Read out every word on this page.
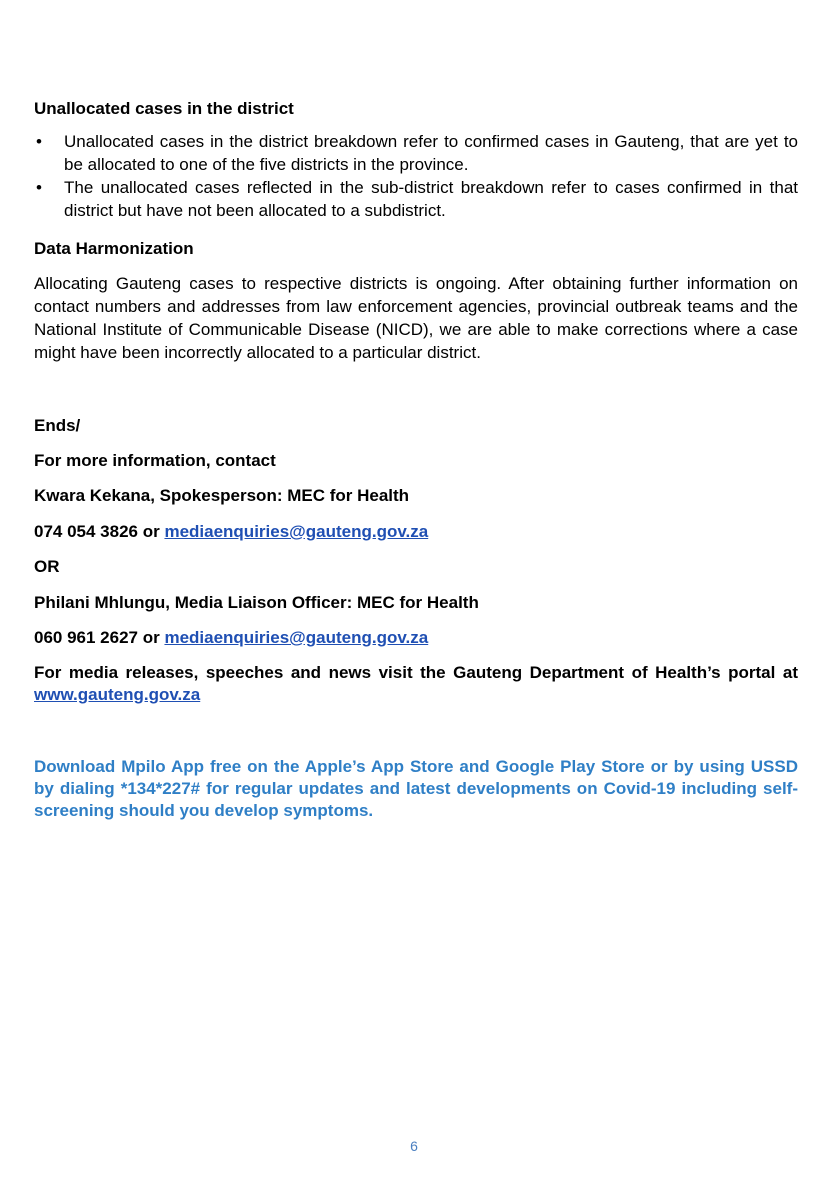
Unallocated cases in the district

• Unallocated cases in the district breakdown refer to confirmed cases in Gauteng, that are yet to be allocated to one of the five districts in the province.
• The unallocated cases reflected in the sub-district breakdown refer to cases confirmed in that district but have not been allocated to a subdistrict.

Data Harmonization

Allocating Gauteng cases to respective districts is ongoing. After obtaining further information on contact numbers and addresses from law enforcement agencies, provincial outbreak teams and the National Institute of Communicable Disease (NICD), we are able to make corrections where a case might have been incorrectly allocated to a particular district.

Ends/

For more information, contact

Kwara Kekana, Spokesperson: MEC for Health

074 054 3826 or mediaenquiries@gauteng.gov.za

OR

Philani Mhlungu, Media Liaison Officer: MEC for Health

060 961 2627 or mediaenquiries@gauteng.gov.za

For media releases, speeches and news visit the Gauteng Department of Health’s portal at www.gauteng.gov.za

Download Mpilo App free on the Apple’s App Store and Google Play Store or by using USSD by dialing *134*227# for regular updates and latest developments on Covid-19 including self-screening should you develop symptoms.

6
